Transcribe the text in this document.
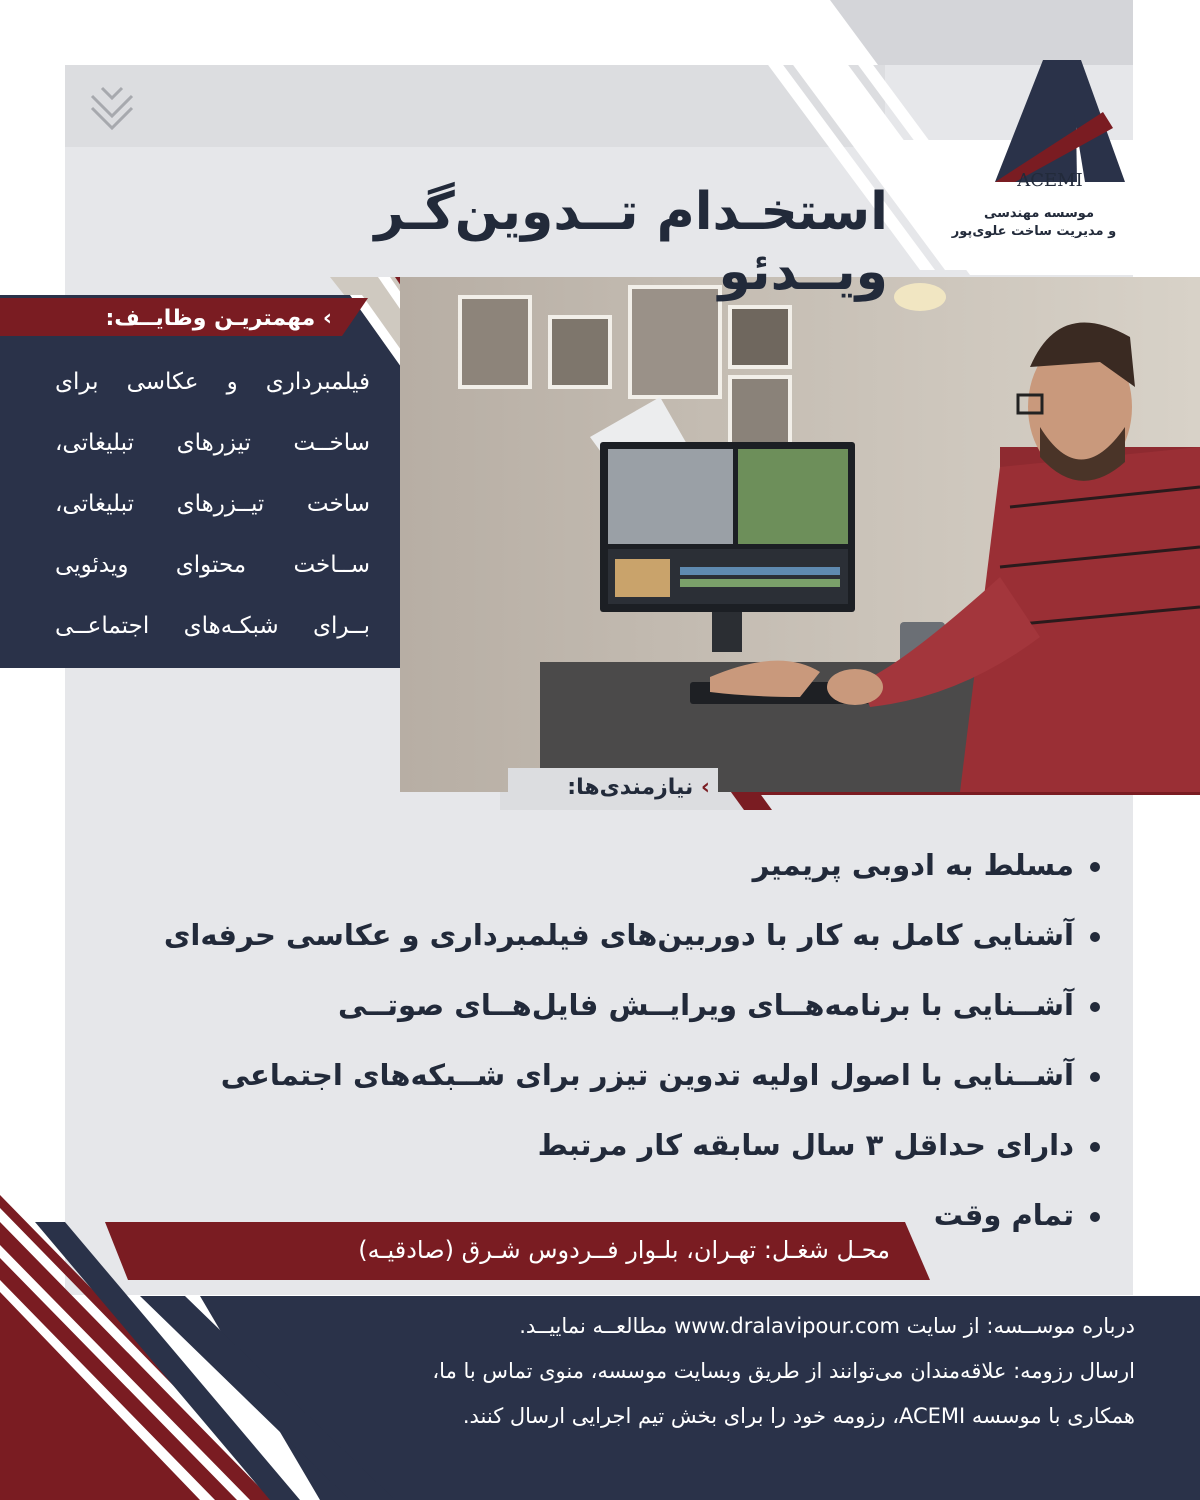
استخـدام تــدوین‌گـر ویــدئو
ACEMI
موسسه مهندسی
و مدیریت ساخت علوی‌پور
› مهمتریـن وظایــف:
فیلمبرداری و عکاسی برای
ساخــت تیزرهای تبلیغاتی،
ساخت تیــزرهای تبلیغاتی،
ســاخت محتوای ویدئویی
بــرای شبکـه‌های اجتماعــی
› نیازمندی‌ها:
مسلط به ادوبی پریمیر
آشنایی کامل به کار با دوربین‌های فیلمبرداری و عکاسی حرفه‌ای
آشــنایی با برنامه‌هــای ویرایــش فایل‌هــای صوتــی
آشــنایی با اصول اولیه تدوین تیزر برای شــبکه‌های اجتماعی
دارای حداقل ۳ سال سابقه کار مرتبط
تمام وقت
محـل شغـل: تهـران، بلـوار فــردوس شـرق (صادقیـه)
درباره موســسه: از سایت www.dralavipour.com مطالعــه نماییــد.
ارسال رزومه: علاقه‌مندان می‌توانند از طریق وبسایت موسسه، منوی تماس با ما،
همکاری با موسسه ACEMI، رزومه خود را برای بخش تیم اجرایی ارسال کنند.
